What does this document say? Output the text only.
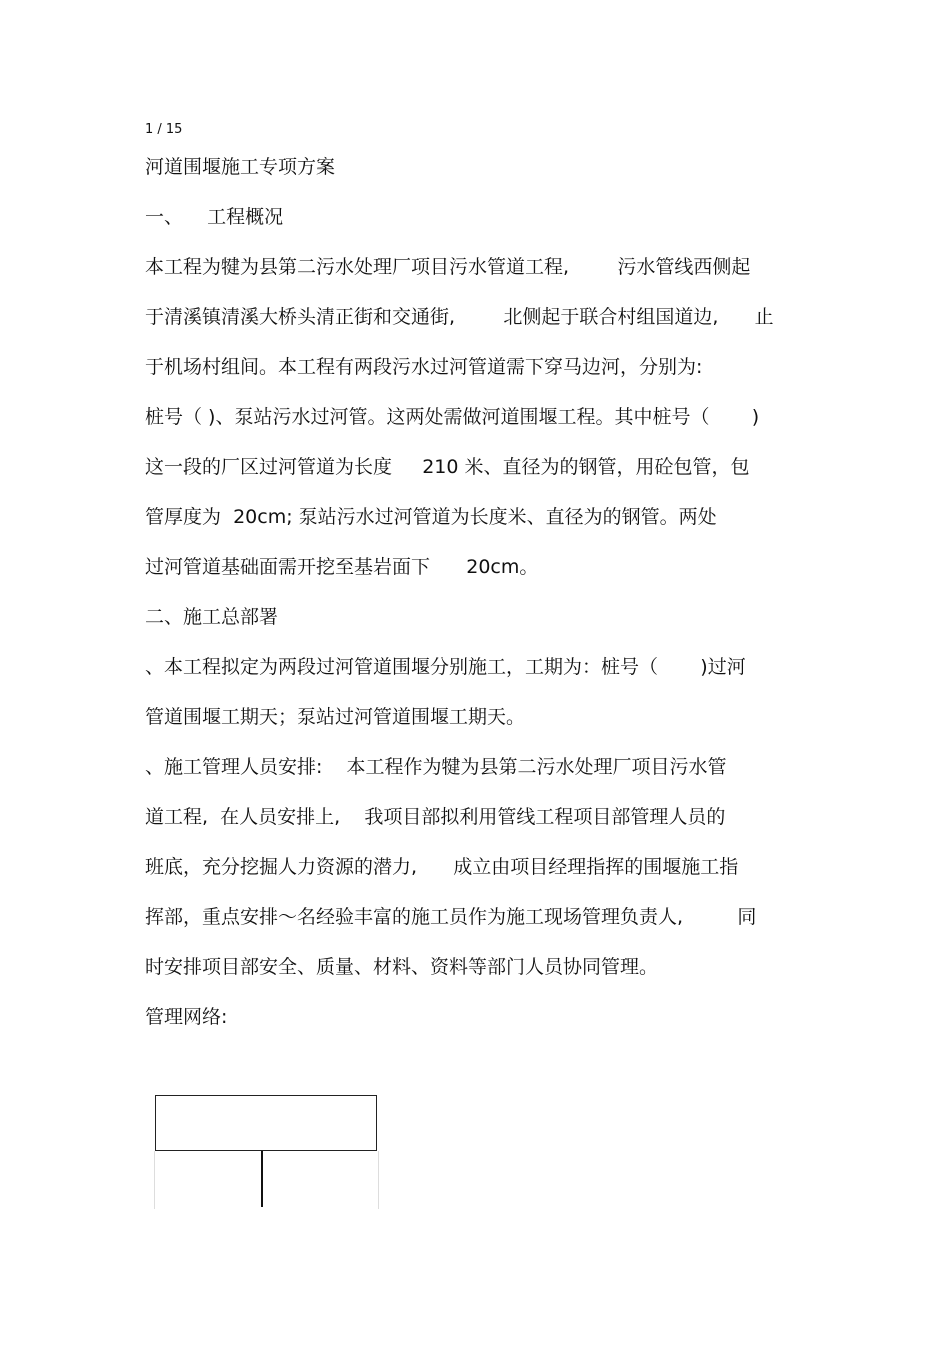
1 / 15
河道围堰施工专项方案
一、    工程概况
本工程为犍为县第二污水处理厂项目污水管道工程,        污水管线西侧起
于清溪镇清溪大桥头清正街和交通街,        北侧起于联合村组国道边,      止
于机场村组间。本工程有两段污水过河管道需下穿马边河，分别为:
桩号（ )、泵站污水过河管。这两处需做河道围堰工程。其中桩号（       )
这一段的厂区过河管道为长度     210 米、直径为的钢管，用砼包管，包
管厚度为  20cm; 泵站污水过河管道为长度米、直径为的钢管。两处
过河管道基础面需开挖至基岩面下      20cm。
二、施工总部署
、本工程拟定为两段过河管道围堰分别施工，工期为：桩号（       )过河
管道围堰工期天；泵站过河管道围堰工期天。
、施工管理人员安排:    本工程作为犍为县第二污水处理厂项目污水管
道工程,  在人员安排上,    我项目部拟利用管线工程项目部管理人员的
班底，充分挖掘人力资源的潜力,      成立由项目经理指挥的围堰施工指
挥部，重点安排～名经验丰富的施工员作为施工现场管理负责人,         同
时安排项目部安全、质量、材料、资料等部门人员协同管理。
管理网络:
